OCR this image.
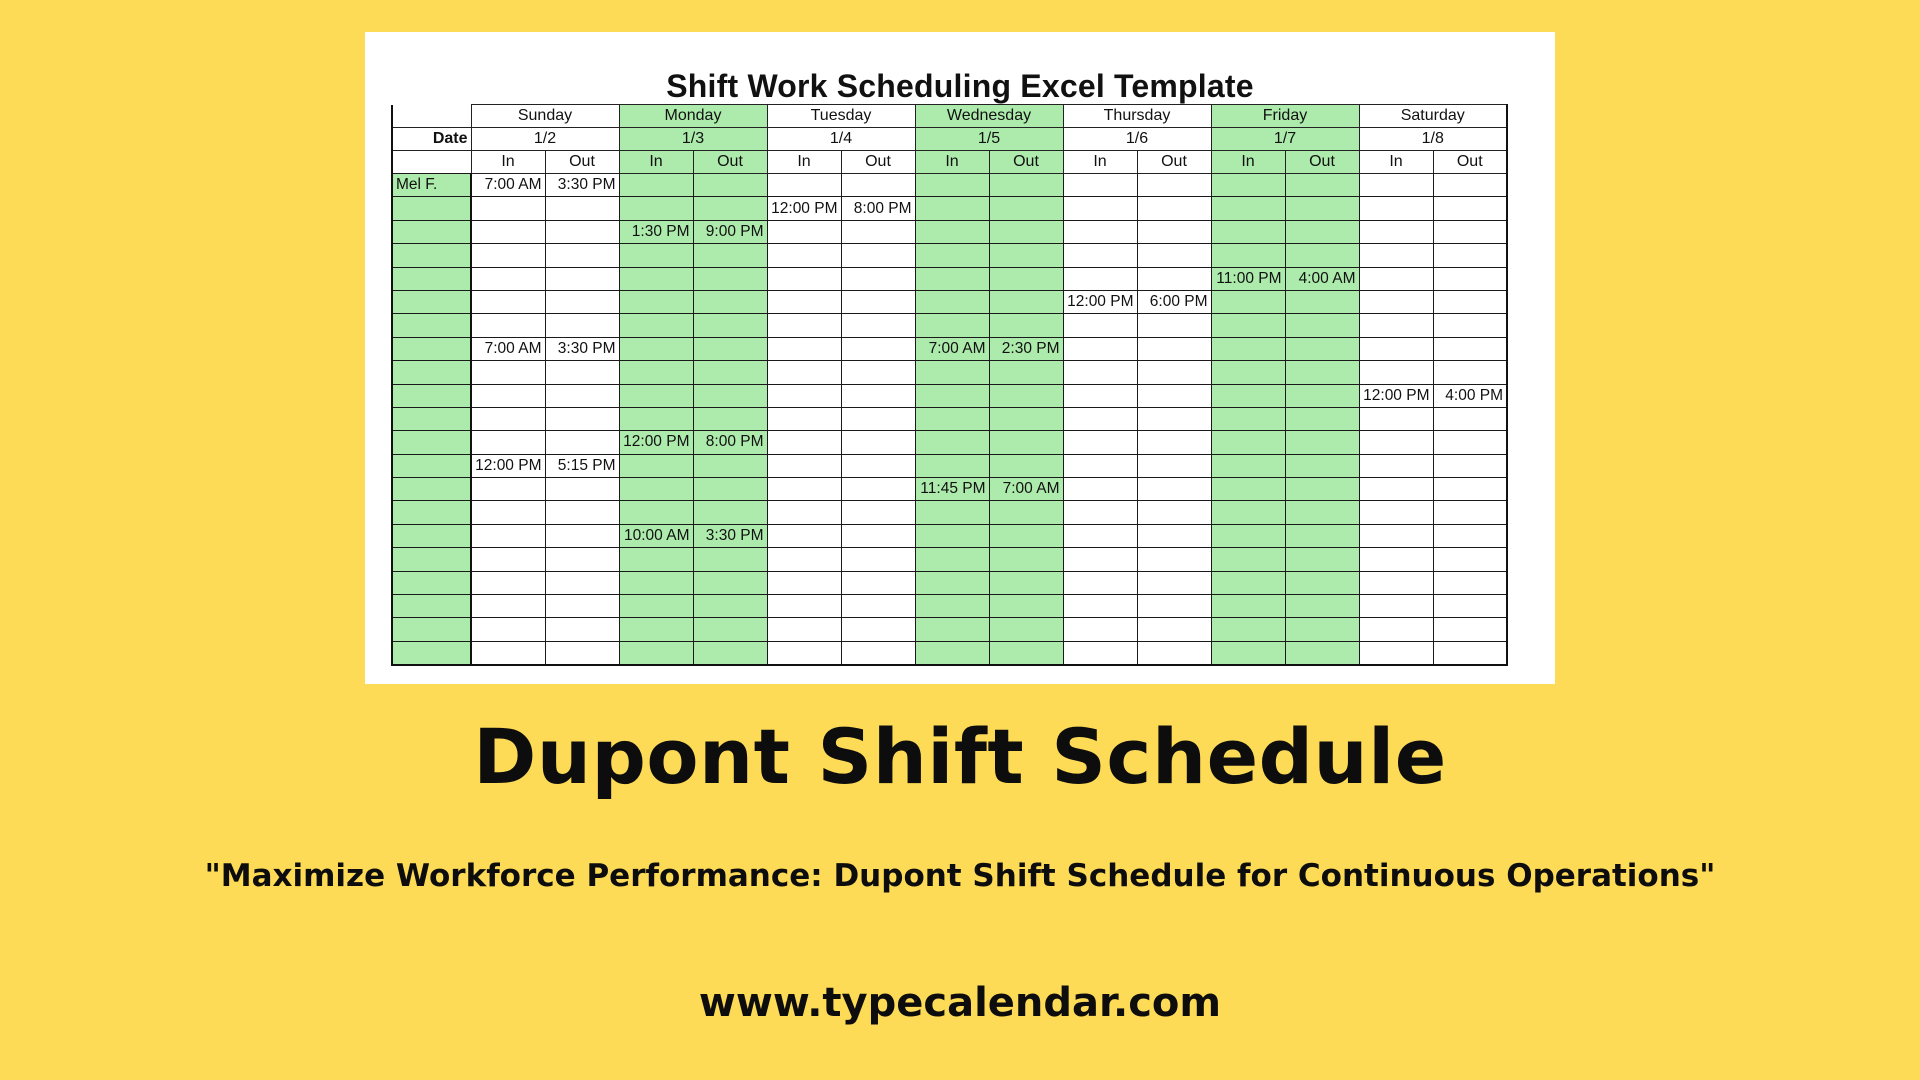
Shift Work Scheduling Excel Template
	Sunday		Monday		Tuesday		Wednesday		Thursday		Friday		Saturday	
Date	1/2		1/3		1/4		1/5		1/6		1/7		1/8	
	In	Out	In	Out	In	Out	In	Out	In	Out	In	Out	In	Out
Mel F.	7:00 AM	3:30 PM												
					12:00 PM	8:00 PM								
			1:30 PM	9:00 PM										

											11:00 PM	4:00 AM		
									12:00 PM	6:00 PM				

	7:00 AM	3:30 PM					7:00 AM	2:30 PM						

													12:00 PM	4:00 PM

			12:00 PM	8:00 PM										
	12:00 PM	5:15 PM												
							11:45 PM	7:00 AM						

			10:00 AM	3:30 PM										

Dupont Shift Schedule
"Maximize Workforce Performance: Dupont Shift Schedule for Continuous Operations"
www.typecalendar.com
